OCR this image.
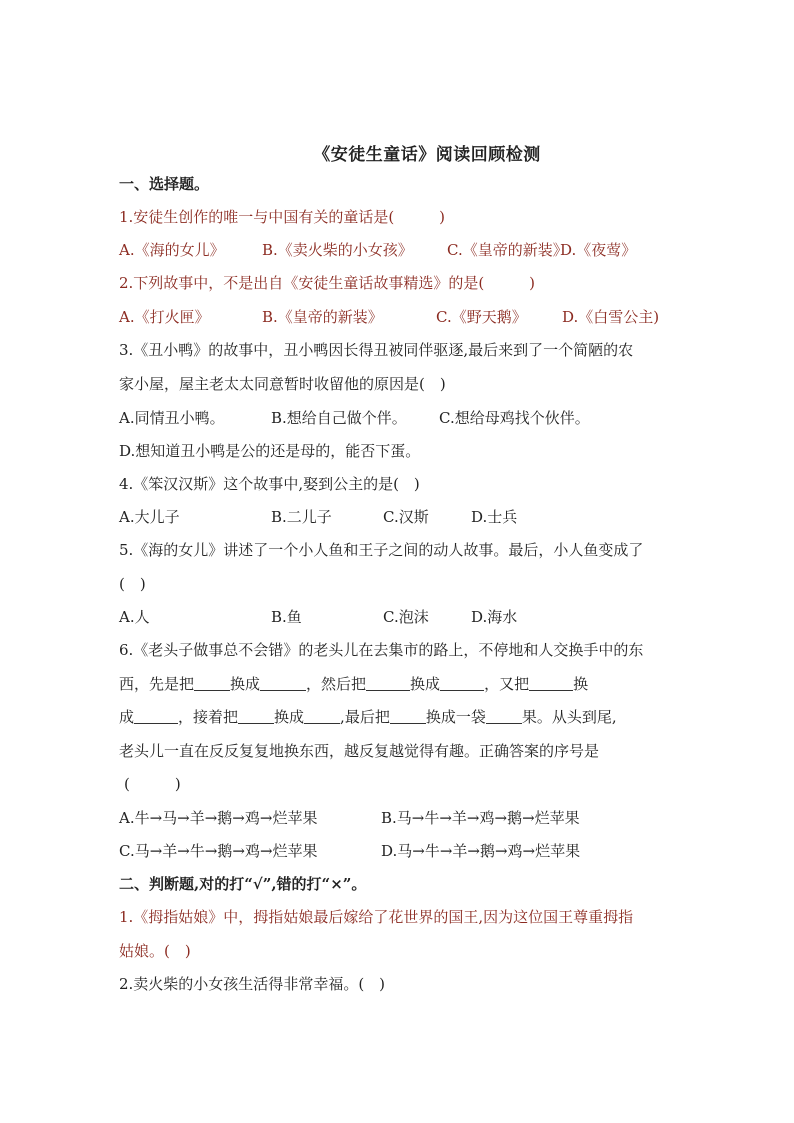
《安徒生童话》阅读回顾检测
一、选择题。
1.安徒生创作的唯一与中国有关的童话是(　　　)
A.《海的女儿》 B.《卖火柴的小女孩》 C.《皇帝的新装》D.《夜莺》
2.下列故事中，不是出自《安徒生童话故事精选》的是(　　　)
A.《打火匣》	B.《皇帝的新装》	C.《野天鹅》 D.《白雪公主)
3.《丑小鸭》的故事中，丑小鸭因长得丑被同伴驱逐,最后来到了一个简陋的农
家小屋，屋主老太太同意暂时收留他的原因是(　)
A.同情丑小鸭。	B.想给自己做个伴。 C.想给母鸡找个伙伴。
D.想知道丑小鸭是公的还是母的，能否下蛋。
4.《笨汉汉斯》这个故事中,娶到公主的是(　)
A.大儿子	B.二儿子	C.汉斯	D.士兵
5.《海的女儿》讲述了一个小人鱼和王子之间的动人故事。最后，小人鱼变成了
(　)
A.人	B.鱼	C.泡沫	D.海水
6.《老头子做事总不会错》的老头儿在去集市的路上，不停地和人交换手中的东
西，先是把 换成	，然后把	换成	，又把	换
成	，接着把 换成 ,最后把 换成一袋 果。从头到尾,
老头儿一直在反反复复地换东西，越反复越觉得有趣。正确答案的序号是
(　　　)
A.牛→马→羊→鹅→鸡→烂苹果	B.马→牛→羊→鸡→鹅→烂苹果
C.马→羊→牛→鹅→鸡→烂苹果	D.马→牛→羊→鹅→鸡→烂苹果
二、判断题,对的打“√”,错的打“×”。
1.《拇指姑娘》中，拇指姑娘最后嫁给了花世界的国王,因为这位国王尊重拇指
姑娘。(　)
2.卖火柴的小女孩生活得非常幸福。(　)
